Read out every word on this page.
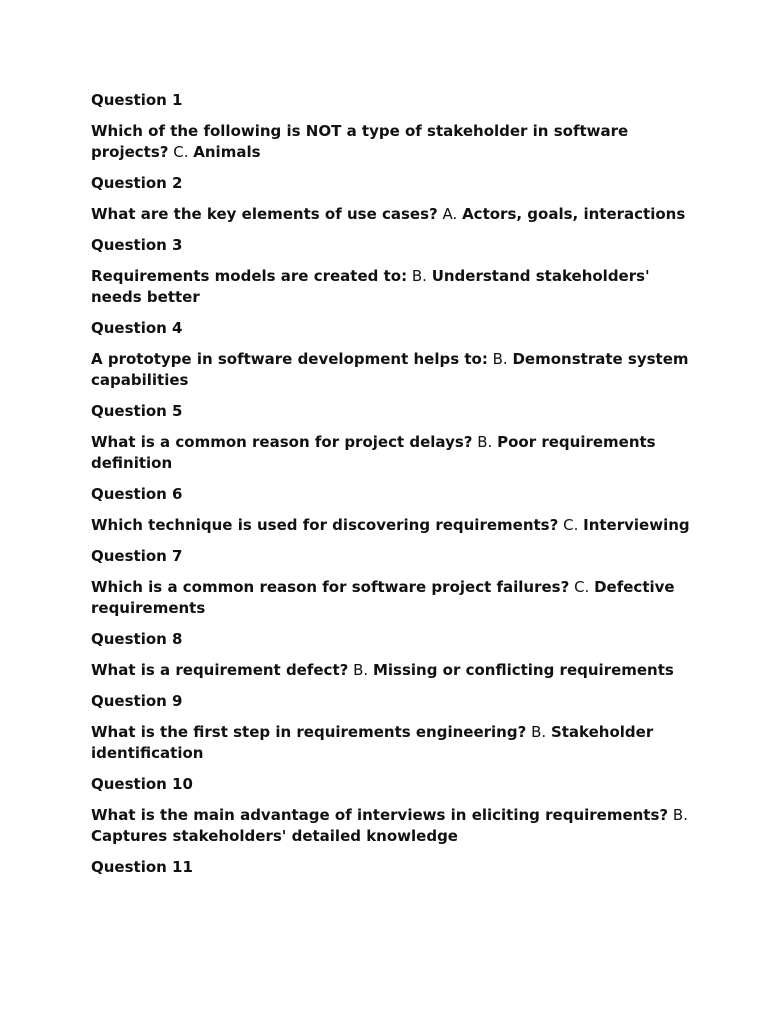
Question 1

Which of the following is NOT a type of stakeholder in software projects? C. Animals

Question 2

What are the key elements of use cases? A. Actors, goals, interactions

Question 3

Requirements models are created to: B. Understand stakeholders' needs better

Question 4

A prototype in software development helps to: B. Demonstrate system capabilities

Question 5

What is a common reason for project delays? B. Poor requirements definition

Question 6

Which technique is used for discovering requirements? C. Interviewing

Question 7

Which is a common reason for software project failures? C. Defective requirements

Question 8

What is a requirement defect? B. Missing or conflicting requirements

Question 9

What is the first step in requirements engineering? B. Stakeholder identification

Question 10

What is the main advantage of interviews in eliciting requirements? B. Captures stakeholders' detailed knowledge

Question 11
